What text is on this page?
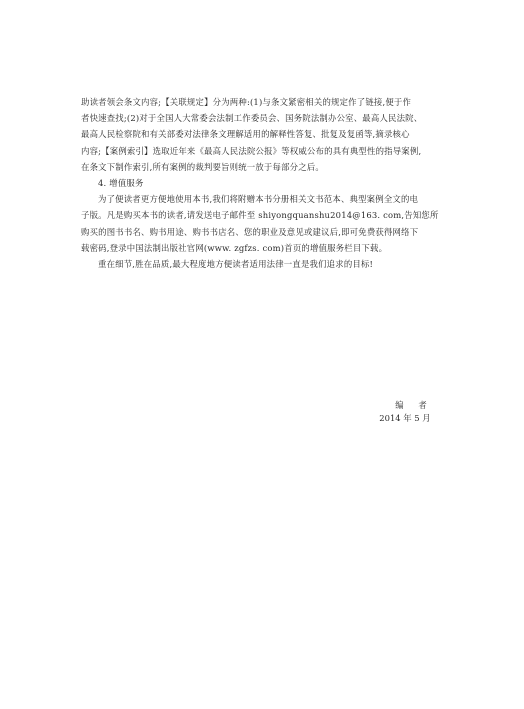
助读者领会条文内容;【关联规定】分为两种:(1)与条文紧密相关的规定作了链接,便于作
者快速查找;(2)对于全国人大常委会法制工作委员会、国务院法制办公室、最高人民法院、
最高人民检察院和有关部委对法律条文理解适用的解释性答复、批复及复函等,摘录核心
内容;【案例索引】选取近年来《最高人民法院公报》等权威公布的具有典型性的指导案例,
在条文下制作索引,所有案例的裁判要旨则统一放于每部分之后。

4. 增值服务

为了便读者更方便地使用本书,我们将附赠本书分册相关文书范本、典型案例全文的电
子版。凡是购买本书的读者,请发送电子邮件至 shiyongquanshu2014@163. com,告知您所
购买的图书书名、购书用途、购书书店名、您的职业及意见或建议后,即可免费获得网络下
载密码,登录中国法制出版社官网(www. zgfzs. com)首页的增值服务栏目下载。

重在细节,胜在品质,最大程度地方便读者适用法律一直是我们追求的目标!

编 者
2014 年 5 月
